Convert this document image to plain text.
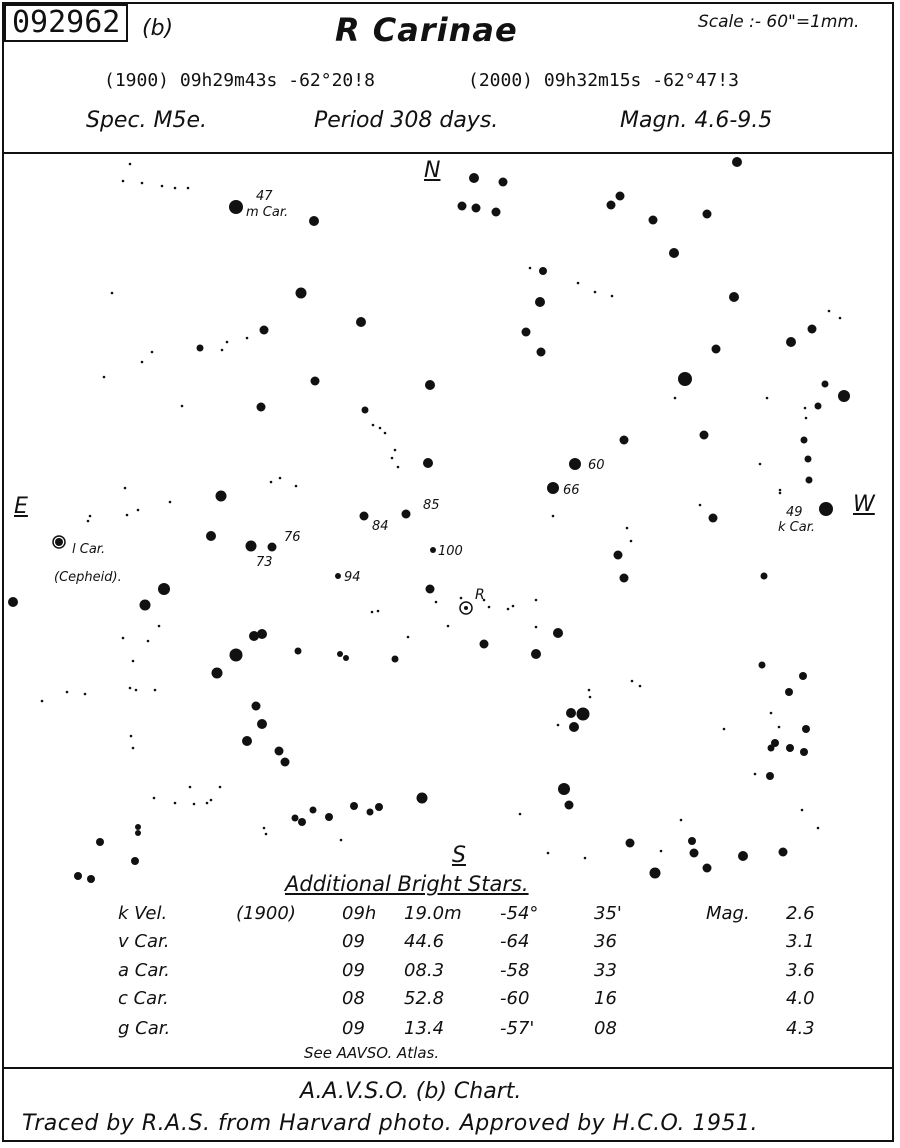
092962 (b)	R Carinae	Scale :- 60"=1mm.
(1900) 09h29m43s -62°20!8	(2000) 09h32m15s -62°47!3
Spec. M5e.	Period 308 days.	Magn. 4.6-9.5
N
S
E	W
47
m Car.
49
k Car.
l Car.
(Cepheid).
R
60
66
85
84
76
73
100
94
Additional Bright Stars.
(1900)	Mag.
k Vel.	09h 19.0m -54°	35'	2.6
v Car.	09 44.6	-64	36	3.1
a Car.	09 08.3	-58	33	3.6
c Car.	08 52.8	-60	16	4.0
g Car.	09 13.4	-57'	08	4.3
See AAVSO. Atlas.
A.A.V.S.O. (b) Chart.
Traced by R.A.S. from Harvard photo. Approved by H.C.O. 1951.
